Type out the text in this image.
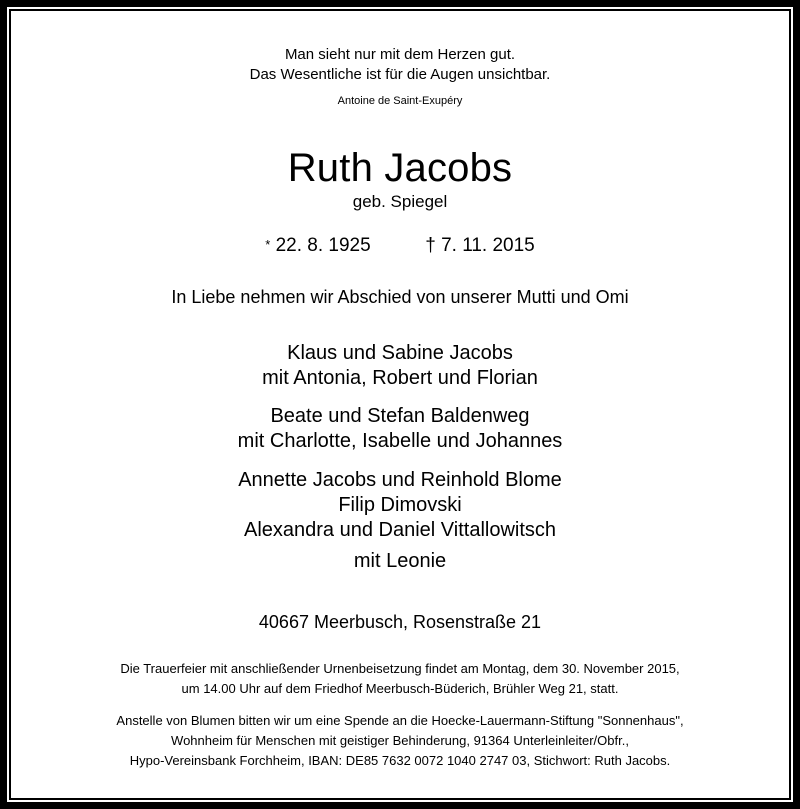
Man sieht nur mit dem Herzen gut.
Das Wesentliche ist für die Augen unsichtbar.
Antoine de Saint-Exupéry
Ruth Jacobs
geb. Spiegel
* 22. 8. 1925	† 7. 11. 2015
In Liebe nehmen wir Abschied von unserer Mutti und Omi
Klaus und Sabine Jacobs
mit Antonia, Robert und Florian
Beate und Stefan Baldenweg
mit Charlotte, Isabelle und Johannes
Annette Jacobs und Reinhold Blome
Filip Dimovski
Alexandra und Daniel Vittallowitsch
mit Leonie
40667 Meerbusch, Rosenstraße 21
Die Trauerfeier mit anschließender Urnenbeisetzung findet am Montag, dem 30. November 2015,
um 14.00 Uhr auf dem Friedhof Meerbusch-Büderich, Brühler Weg 21, statt.
Anstelle von Blumen bitten wir um eine Spende an die Hoecke-Lauermann-Stiftung "Sonnenhaus",
Wohnheim für Menschen mit geistiger Behinderung, 91364 Unterleinleiter/Obfr.,
Hypo-Vereinsbank Forchheim, IBAN: DE85 7632 0072 1040 2747 03, Stichwort: Ruth Jacobs.
